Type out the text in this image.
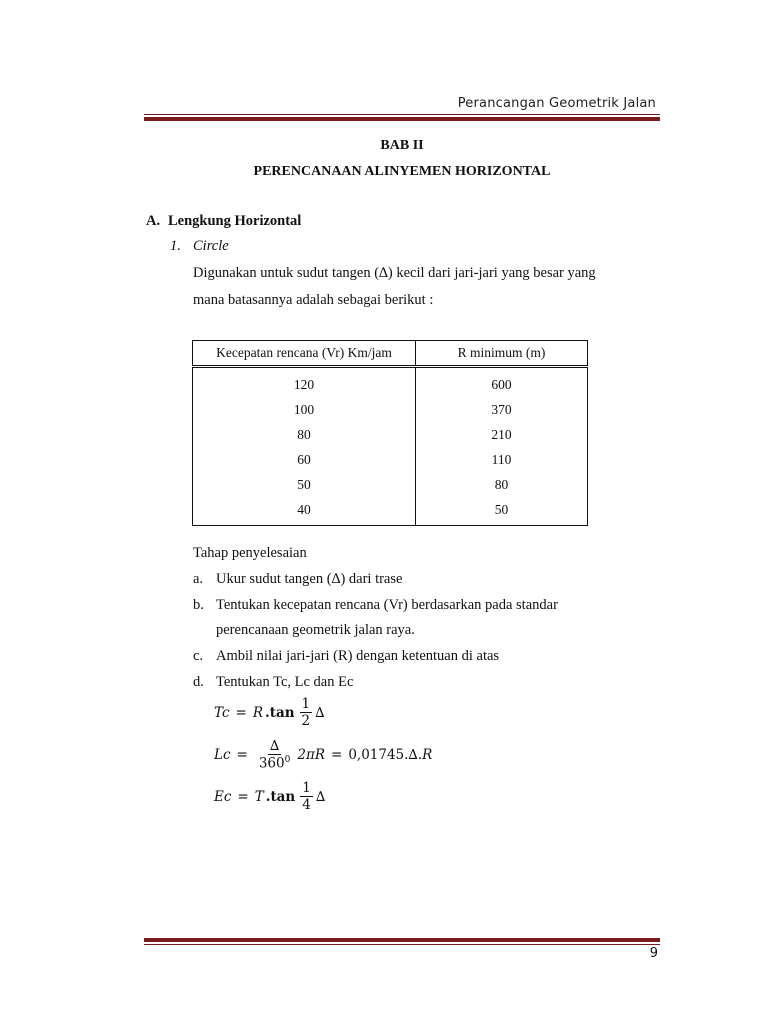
Perancangan Geometrik Jalan
BAB II
PERENCANAAN ALINYEMEN HORIZONTAL
A. Lengkung Horizontal
1. Circle
Digunakan untuk sudut tangen (∆) kecil dari jari-jari yang besar yang
mana batasannya adalah sebagai berikut :
Kecepatan rencana (Vr) Km/jam	R minimum (m)
120	600
100	370
80	210
60	110
50	80
40	50
Tahap penyelesaian
a. Ukur sudut tangen (∆) dari trase
b. Tentukan kecepatan rencana (Vr) berdasarkan pada standar
perencanaan geometrik jalan raya.
c. Ambil nilai jari-jari (R) dengan ketentuan di atas
d. Tentukan Tc, Lc dan Ec
Tc = R $.\tan \frac{1}{2}$ ∆
$Lc = \frac{\Delta}{360^0} 2\pi R = 0,01745.\Delta$. R
Ec = T $.\tan \frac{1}{4}$ ∆
9
